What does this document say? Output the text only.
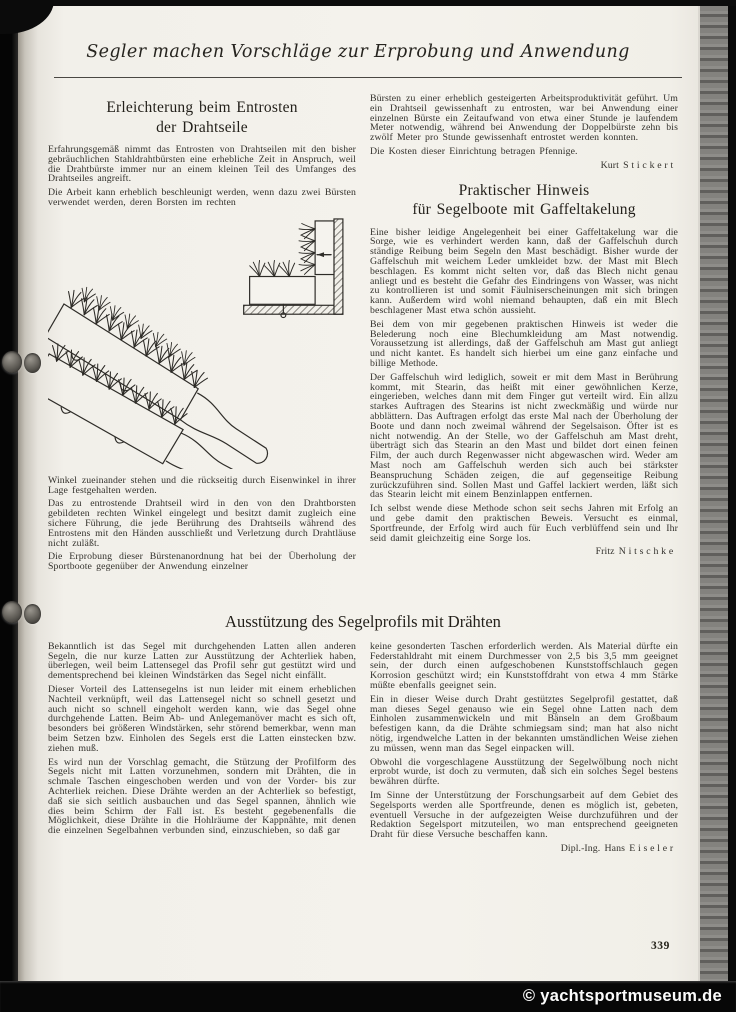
Segler machen Vorschläge zur Erprobung und Anwendung
Erleichterung beim Entrosten
der Drahtseile

Erfahrungsgemäß nimmt das Entrosten von Drahtseilen mit den bisher gebräuchlichen Stahldrahtbürsten eine erhebliche Zeit in Anspruch, weil die Drahtbürste immer nur an einem kleinen Teil des Umfanges des Drahtseiles angreift.

Die Arbeit kann erheblich beschleunigt werden, wenn dazu zwei Bürsten verwendet werden, deren Borsten im rechten

Winkel zueinander stehen und die rückseitig durch Eisenwinkel in ihrer Lage festgehalten werden.

Das zu entrostende Drahtseil wird in den von den Drahtborsten gebildeten rechten Winkel eingelegt und besitzt damit zugleich eine sichere Führung, die jede Berührung des Drahtseils während des Entrostens mit den Händen ausschließt und Verletzung durch Drahtläuse nicht zuläßt.

Die Erprobung dieser Bürstenanordnung hat bei der Überholung der Sportboote gegenüber der Anwendung einzelner

Bürsten zu einer erheblich gesteigerten Arbeitsproduktivität geführt. Um ein Drahtseil gewissenhaft zu entrosten, war bei Anwendung einer einzelnen Bürste ein Zeitaufwand von etwa einer Stunde je laufendem Meter notwendig, während bei Anwendung der Doppelbürste zehn bis zwölf Meter pro Stunde gewissenhaft entrostet werden konnten.

Die Kosten dieser Einrichtung betragen Pfennige.

Kurt Stickert
Praktischer Hinweis
für Segelboote mit Gaffeltakelung

Eine bisher leidige Angelegenheit bei einer Gaffeltakelung war die Sorge, wie es verhindert werden kann, daß der Gaffelschuh durch ständige Reibung beim Segeln den Mast beschädigt. Bisher wurde der Gaffelschuh mit weichem Leder umkleidet bzw. der Mast mit Blech beschlagen. Es kommt nicht selten vor, daß das Blech nicht genau anliegt und es besteht die Gefahr des Eindringens von Wasser, was nicht zu kontrollieren ist und somit Fäulniserscheinungen mit sich bringen kann. Außerdem wird wohl niemand behaupten, daß ein mit Blech beschlagener Mast etwa schön aussieht.

Bei dem von mir gegebenen praktischen Hinweis ist weder die Belederung noch eine Blechumkleidung am Mast notwendig. Voraussetzung ist allerdings, daß der Gaffelschuh am Mast gut anliegt und nicht kantet. Es handelt sich hierbei um eine ganz einfache und billige Methode.

Der Gaffelschuh wird lediglich, soweit er mit dem Mast in Berührung kommt, mit Stearin, das heißt mit einer gewöhnlichen Kerze, eingerieben, welches dann mit dem Finger gut verteilt wird. Ein allzu starkes Auftragen des Stearins ist nicht zweckmäßig und würde nur abblättern. Das Auftragen erfolgt das erste Mal nach der Überholung der Boote und dann noch zweimal während der Segelsaison. Öfter ist es nicht notwendig. An der Stelle, wo der Gaffelschuh am Mast dreht, überträgt sich das Stearin an den Mast und bildet dort einen feinen Film, der auch durch Regenwasser nicht abgewaschen wird. Weder am Mast noch am Gaffelschuh werden sich auch bei stärkster Beanspruchung Schäden zeigen, die auf gegenseitige Reibung zurückzuführen sind. Sollen Mast und Gaffel lackiert werden, läßt sich das Stearin leicht mit einem Benzinlappen entfernen.

Ich selbst wende diese Methode schon seit sechs Jahren mit Erfolg an und gebe damit den praktischen Beweis. Versucht es einmal, Sportfreunde, der Erfolg wird auch für Euch verblüffend sein und Ihr seid damit gleichzeitig eine Sorge los.

Fritz Nitschke
Ausstützung des Segelprofils mit Drähten

Bekanntlich ist das Segel mit durchgehenden Latten allen anderen Segeln, die nur kurze Latten zur Ausstützung der Achterliek haben, überlegen, weil beim Lattensegel das Profil sehr gut gestützt wird und dementsprechend bei kleinen Windstärken das Segel nicht einfällt.

Dieser Vorteil des Lattensegelns ist nun leider mit einem erheblichen Nachteil verknüpft, weil das Lattensegel nicht so schnell gesetzt und auch nicht so schnell eingeholt werden kann, wie das Segel ohne durchgehende Latten. Beim Ab- und Anlegemanöver macht es sich oft, besonders bei größeren Windstärken, sehr störend bemerkbar, wenn man beim Setzen bzw. Einholen des Segels erst die Latten einstecken bzw. ziehen muß.

Es wird nun der Vorschlag gemacht, die Stützung der Profilform des Segels nicht mit Latten vorzunehmen, sondern mit Drähten, die in schmale Taschen eingeschoben werden und von der Vorder- bis zur Achterliek reichen. Diese Drähte werden an der Achterliek so befestigt, daß sie sich seitlich ausbauchen und das Segel spannen, ähnlich wie dies beim Schirm der Fall ist. Es besteht gegebenenfalls die Möglichkeit, diese Drähte in die Hohlräume der Kappnähte, mit denen die einzelnen Segelbahnen verbunden sind, einzuschieben, so daß gar

keine gesonderten Taschen erforderlich werden. Als Material dürfte ein Federstahldraht mit einem Durchmesser von 2,5 bis 3,5 mm geeignet sein, der durch einen aufgeschobenen Kunststoffschlauch gegen Korrosion geschützt wird; ein Kunststoffdraht von etwa 4 mm Stärke müßte ebenfalls geeignet sein.

Ein in dieser Weise durch Draht gestütztes Segelprofil gestattet, daß man dieses Segel genauso wie ein Segel ohne Latten nach dem Einholen zusammenwickeln und mit Bänseln an dem Großbaum befestigen kann, da die Drähte schmiegsam sind; man hat also nicht nötig, irgendwelche Latten in der bekannten umständlichen Weise ziehen zu müssen, wenn man das Segel einpacken will.

Obwohl die vorgeschlagene Ausstützung der Segelwölbung noch nicht erprobt wurde, ist doch zu vermuten, daß sich ein solches Segel bestens bewähren dürfte.

Im Sinne der Unterstützung der Forschungsarbeit auf dem Gebiet des Segelsports werden alle Sportfreunde, denen es möglich ist, gebeten, eventuell Versuche in der aufgezeigten Weise durchzuführen und der Redaktion Segelsport mitzuteilen, wo man entsprechend geeigneten Draht für diese Versuche beschaffen kann.

Dipl.-Ing. Hans Eiseler
339
© yachtsportmuseum.de
